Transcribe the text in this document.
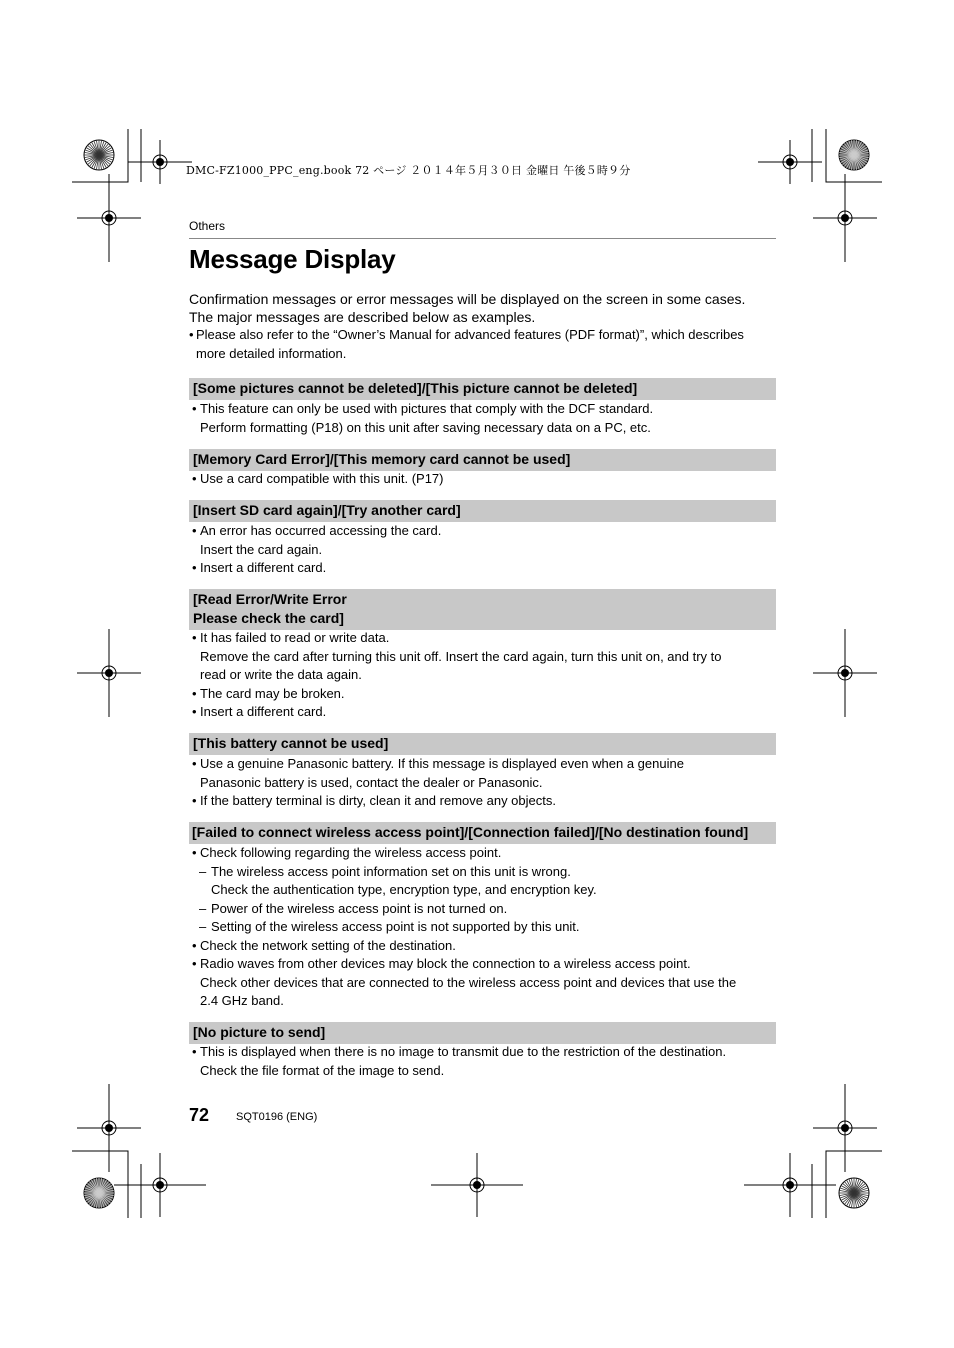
DMC-FZ1000_PPC_eng.book 72 ページ ２０１４年５月３０日 金曜日 午後５時９分
Others
Message Display

Confirmation messages or error messages will be displayed on the screen in some cases.

The major messages are described below as examples.

• Please also refer to the “Owner’s Manual for advanced features (PDF format)”, which describes
more detailed information.
[Some pictures cannot be deleted]/[This picture cannot be deleted]
• This feature can only be used with pictures that comply with the DCF standard.
Perform formatting (P18) on this unit after saving necessary data on a PC, etc.
[Memory Card Error]/[This memory card cannot be used]
• Use a card compatible with this unit. (P17)
[Insert SD card again]/[Try another card]
• An error has occurred accessing the card.
Insert the card again.
• Insert a different card.
[Read Error/Write Error
Please check the card]
• It has failed to read or write data.
Remove the card after turning this unit off. Insert the card again, turn this unit on, and try to
read or write the data again.
• The card may be broken.
• Insert a different card.
[This battery cannot be used]
• Use a genuine Panasonic battery. If this message is displayed even when a genuine
Panasonic battery is used, contact the dealer or Panasonic.
• If the battery terminal is dirty, clean it and remove any objects.
[Failed to connect wireless access point]/[Connection failed]/[No destination found]
• Check following regarding the wireless access point.
– The wireless access point information set on this unit is wrong.
Check the authentication type, encryption type, and encryption key.
– Power of the wireless access point is not turned on.
– Setting of the wireless access point is not supported by this unit.
• Check the network setting of the destination.
• Radio waves from other devices may block the connection to a wireless access point.
Check other devices that are connected to the wireless access point and devices that use the
2.4 GHz band.
[No picture to send]
• This is displayed when there is no image to transmit due to the restriction of the destination.
Check the file format of the image to send.
72 SQT0196 (ENG)
